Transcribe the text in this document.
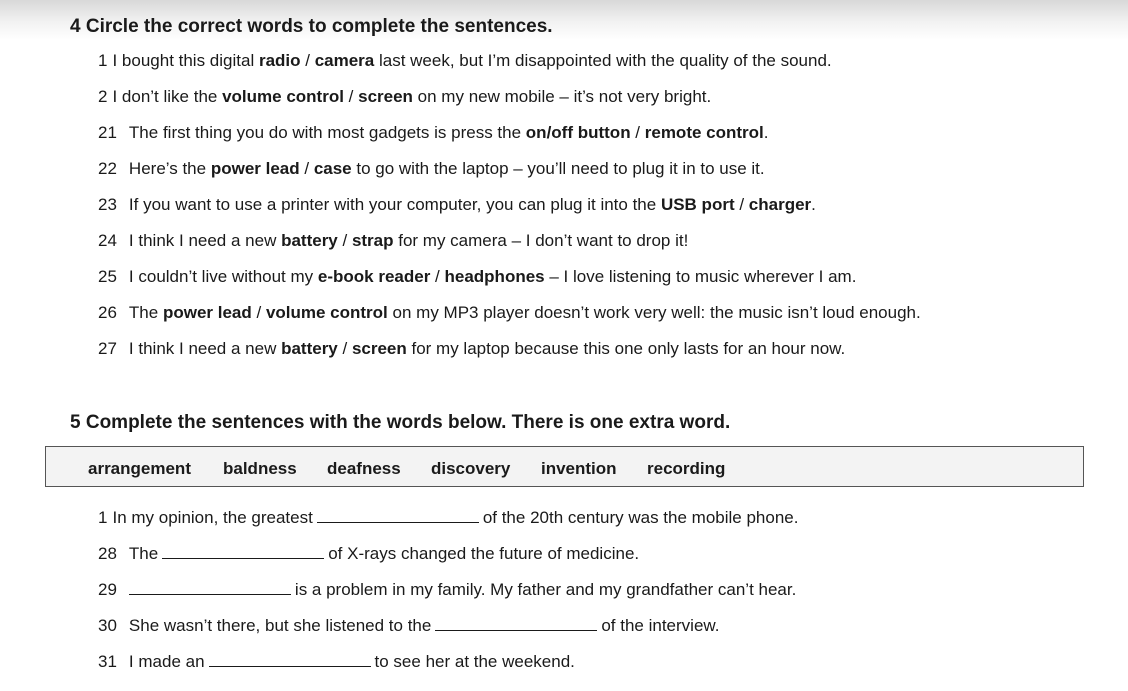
4 Circle the correct words to complete the sentences.
1 I bought this digital radio / camera last week, but I’m disappointed with the quality of the sound.
2 I don’t like the volume control / screen on my new mobile – it’s not very bright.
21 The first thing you do with most gadgets is press the on/off button / remote control.
22 Here’s the power lead / case to go with the laptop – you’ll need to plug it in to use it.
23 If you want to use a printer with your computer, you can plug it into the USB port / charger.
24 I think I need a new battery / strap for my camera – I don’t want to drop it!
25 I couldn’t live without my e-book reader / headphones – I love listening to music wherever I am.
26 The power lead / volume control on my MP3 player doesn’t work very well: the music isn’t loud enough.
27 I think I need a new battery / screen for my laptop because this one only lasts for an hour now.
5 Complete the sentences with the words below. There is one extra word.
arrangement baldness deafness discovery invention recording
1 In my opinion, the greatest	of the 20th century was the mobile phone.
28 The	of X-rays changed the future of medicine.
29	is a problem in my family. My father and my grandfather can’t hear.
30 She wasn’t there, but she listened to the	of the interview.
31 I made an	to see her at the weekend.
